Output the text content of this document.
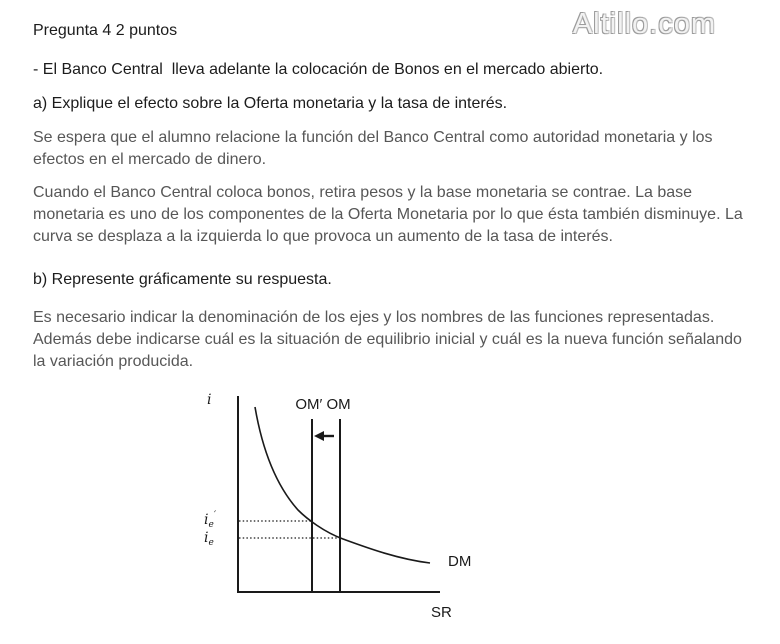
Altillo.com

Pregunta 4 2 puntos

- El Banco Central  lleva adelante la colocación de Bonos en el mercado abierto.

a) Explique el efecto sobre la Oferta monetaria y la tasa de interés.

Se espera que el alumno relacione la función del Banco Central como autoridad monetaria y los efectos en el mercado de dinero.

Cuando el Banco Central coloca bonos, retira pesos y la base monetaria se contrae. La base monetaria es uno de los componentes de la Oferta Monetaria por lo que ésta también disminuye. La curva se desplaza a la izquierda lo que provoca un aumento de la tasa de interés.

b) Represente gráficamente su respuesta.

Es necesario indicar la denominación de los ejes y los nombres de las funciones representadas. Además debe indicarse cuál es la situación de equilibrio inicial y cuál es la nueva función señalando la variación producida.

i	OM′ OM
$i_e'$
$i_e$
DM
SR
